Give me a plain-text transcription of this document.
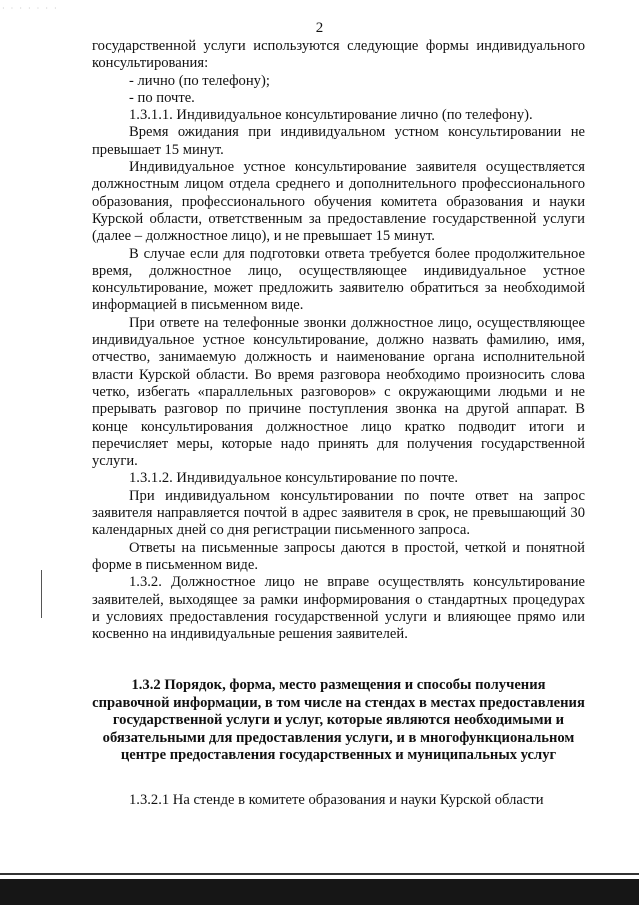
· · · · · · ·
2

государственной услуги используются следующие формы индивидуального консультирования:

- лично (по телефону);

- по почте.

1.3.1.1. Индивидуальное консультирование лично (по телефону).

Время ожидания при индивидуальном устном консультировании не превышает 15 минут.

Индивидуальное устное консультирование заявителя осуществляется должностным лицом отдела среднего и дополнительного профессионального образования, профессионального обучения комитета образования и науки Курской области, ответственным за предоставление государственной услуги (далее – должностное лицо), и не превышает 15 минут.

В случае если для подготовки ответа требуется более продолжительное время, должностное лицо, осуществляющее индивидуальное устное консультирование, может предложить заявителю обратиться за необходимой информацией в письменном виде.

При ответе на телефонные звонки должностное лицо, осуществляющее индивидуальное устное консультирование, должно назвать фамилию, имя, отчество, занимаемую должность и наименование органа исполнительной власти Курской области. Во время разговора необходимо произносить слова четко, избегать «параллельных разговоров» с окружающими людьми и не прерывать разговор по причине поступления звонка на другой аппарат. В конце консультирования должностное лицо кратко подводит итоги и перечисляет меры, которые надо принять для получения государственной услуги.

1.3.1.2. Индивидуальное консультирование по почте.

При индивидуальном консультировании по почте ответ на запрос заявителя направляется почтой в адрес заявителя в срок, не превышающий 30 календарных дней со дня регистрации письменного запроса.

Ответы на письменные запросы даются в простой, четкой и понятной форме в письменном виде.

1.3.2. Должностное лицо не вправе осуществлять консультирование заявителей, выходящее за рамки информирования о стандартных процедурах и условиях предоставления государственной услуги и влияющее прямо или косвенно на индивидуальные решения заявителей.

1.3.2 Порядок, форма, место размещения и способы получения справочной информации, в том числе на стендах в местах предоставления государственной услуги и услуг, которые являются необходимыми и обязательными для предоставления услуги, и в многофункциональном центре предоставления государственных и муниципальных услуг

1.3.2.1 На стенде в комитете образования и науки Курской области
